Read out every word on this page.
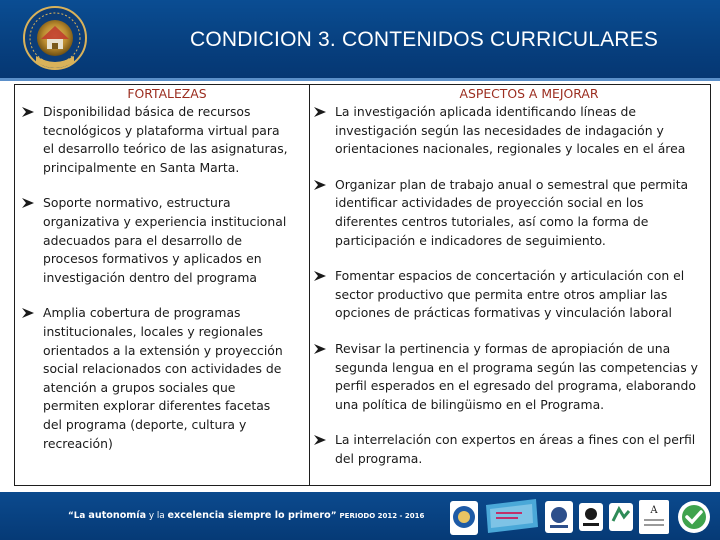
CONDICION 3. CONTENIDOS CURRICULARES
FORTALEZAS
Disponibilidad básica de recursos
tecnológicos y plataforma virtual para
el desarrollo teórico de las asignaturas,
principalmente en Santa Marta.
Soporte normativo, estructura
organizativa y experiencia institucional
adecuados para el desarrollo de
procesos formativos y aplicados en
investigación dentro del programa
Amplia cobertura de programas
institucionales, locales y regionales
orientados a la extensión y proyección
social relacionados con actividades de
atención a grupos sociales que
permiten explorar diferentes facetas
del programa (deporte, cultura y
recreación)
ASPECTOS A MEJORAR
La investigación aplicada identificando líneas de
investigación según las necesidades de indagación y
orientaciones nacionales, regionales y locales en el área
Organizar plan de trabajo anual o semestral que permita
identificar actividades de proyección social en los
diferentes centros tutoriales, así como la forma de
participación e indicadores de seguimiento.
Fomentar espacios de concertación y articulación con el
sector productivo que permita entre otros ampliar las
opciones de prácticas formativas y vinculación laboral
Revisar la pertinencia y formas de apropiación de una
segunda lengua en el programa según las competencias y
perfil esperados en el egresado del programa, elaborando
una política de bilingüismo en el Programa.
La interrelación con expertos en áreas a fines con el perfil
del programa.
“La autonomía y la excelencia siempre lo primero” PERIODO 2012 - 2016	A
